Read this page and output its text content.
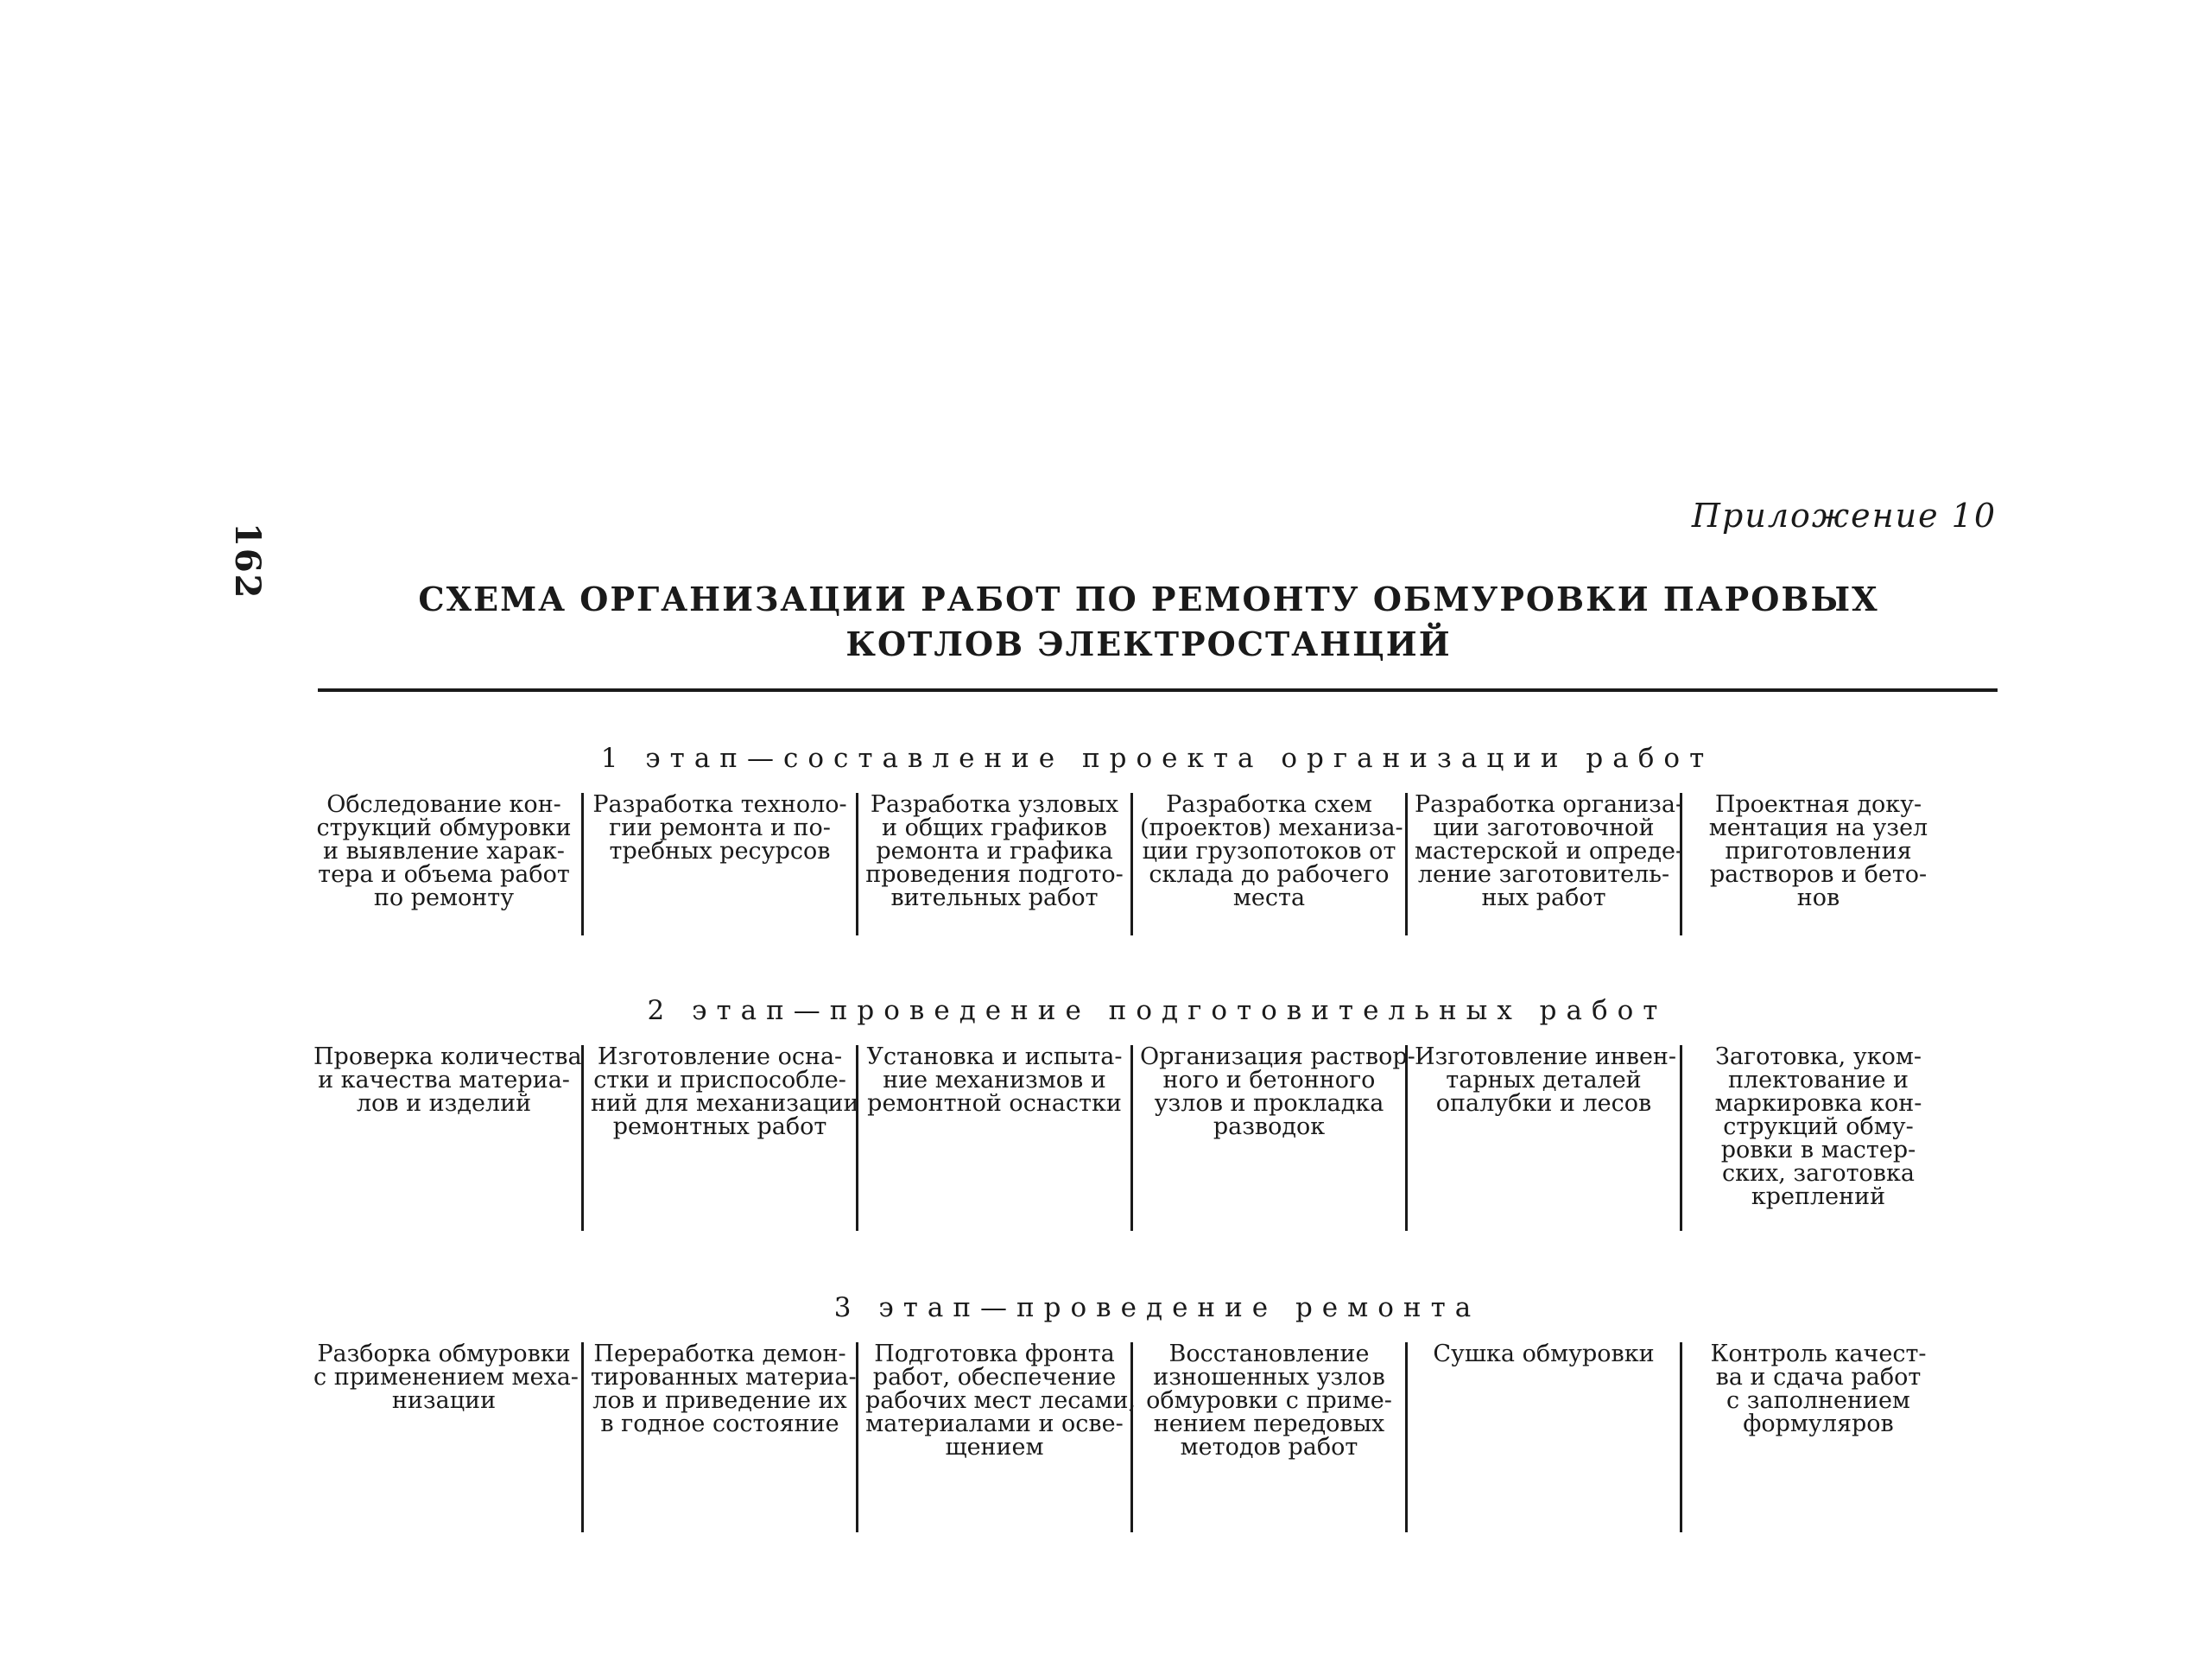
162
Приложение 10
СХЕМА ОРГАНИЗАЦИИ РАБОТ ПО РЕМОНТУ ОБМУРОВКИ ПАРОВЫХ
КОТЛОВ ЭЛЕКТРОСТАНЦИЙ
1 этап—составление проекта организации работ
Обследование кон-
струкций обмуровки
и выявление харак-
тера и объема работ
по ремонту
Разработка техноло-
гии ремонта и по-
требных ресурсов
Разработка узловых
и общих графиков
ремонта и графика
проведения подгото-
вительных работ
Разработка схем
(проектов) механиза-
ции грузопотоков от
склада до рабочего
места
Разработка организа-
ции заготовочной
мастерской и опреде-
ление заготовитель-
ных работ
Проектная доку-
ментация на узел
приготовления
растворов и бето-
нов
2 этап—проведение подготовительных работ
Проверка количества
и качества материа-
лов и изделий
Изготовление осна-
стки и приспособле-
ний для механизации
ремонтных работ
Установка и испыта-
ние механизмов и
ремонтной оснастки
Организация раствор-
ного и бетонного
узлов и прокладка
разводок
Изготовление инвен-
тарных деталей
опалубки и лесов
Заготовка, уком-
плектование и
маркировка кон-
струкций обму-
ровки в мастер-
ских, заготовка
креплений
3 этап—проведение ремонта
Разборка обмуровки
с применением меха-
низации
Переработка демон-
тированных материа-
лов и приведение их
в годное состояние
Подготовка фронта
работ, обеспечение
рабочих мест лесами,
материалами и осве-
щением
Восстановление
изношенных узлов
обмуровки с приме-
нением передовых
методов работ
Сушка обмуровки	Контроль качест-
ва и сдача работ
с заполнением
формуляров
